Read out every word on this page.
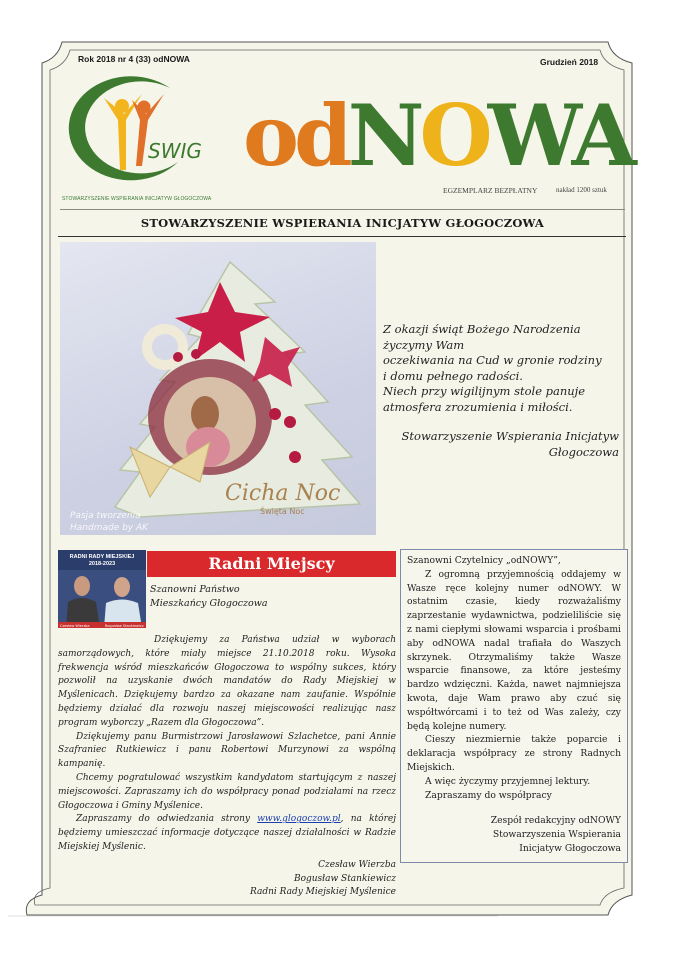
Rok 2018 nr 4 (33) odNOWA	Grudzień 2018
SWIG
STOWARZYSZENIE WSPIERANIA INICJATYW GŁOGOCZOWA
odNOWA
EGZEMPLARZ BEZPŁATNY	nakład 1200 sztuk
STOWARZYSZENIE WSPIERANIA INICJATYW GŁOGOCZOWA
Cicha Noc
Święta Noc
Pasja tworzenia
Handmade by AK
Z okazji świąt Bożego Narodzenia
życzymy Wam
oczekiwania na Cud w gronie rodziny
i domu pełnego radości.
Niech przy wigilijnym stole panuje
atmosfera zrozumienia i miłości.
Stowarzyszenie Wspierania Inicjatyw
Głogoczowa
RADNI RADY MIEJSKIEJ
2018-2023
Czesław Wierzba	Bogusław Stankiewicz
Radni Miejscy
Szanowni Państwo
Mieszkańcy Głogoczowa

Dziękujemy za Państwa udział w wyborach samorządowych, które miały miejsce 21.10.2018 roku. Wysoka frekwencja wśród mieszkańców Głogoczowa to wspólny sukces, który pozwolił na uzyskanie dwóch mandatów do Rady Miejskiej w Myślenicach. Dziękujemy bardzo za okazane nam zaufanie. Wspólnie będziemy działać dla rozwoju naszej miejscowości realizując nasz program wyborczy „Razem dla Głogoczowa”.

Dziękujemy panu Burmistrzowi Jarosławowi Szlachetce, pani Annie Szafraniec Rutkiewicz i panu Robertowi Murzynowi za wspólną kampanię.

Chcemy pogratulować wszystkim kandydatom startującym z naszej miejscowości. Zapraszamy ich do współpracy ponad podziałami na rzecz Głogoczowa i Gminy Myślenice.

Zapraszamy do odwiedzania strony www.glogoczow.pl, na której będziemy umieszczać informacje dotyczące naszej działalności w Radzie Miejskiej Myślenic.

Czesław Wierzba
Bogusław Stankiewicz
Radni Rady Miejskiej Myślenice

Szanowni Czytelnicy „odNOWY”,

Z ogromną przyjemnością oddajemy w Wasze ręce kolejny numer odNOWY. W ostatnim czasie, kiedy rozważaliśmy zaprzestanie wydawnictwa, podzieliliście się z nami ciepłymi słowami wsparcia i prośbami aby odNOWA nadal trafiała do Waszych skrzynek. Otrzymaliśmy także Wasze wsparcie finansowe, za które jesteśmy bardzo wdzięczni. Każda, nawet najmniejsza kwota, daje Wam prawo aby czuć się współtwórcami i to też od Was zależy, czy będą kolejne numery.

Cieszy niezmiernie także poparcie i deklaracja współpracy ze strony Radnych Miejskich.

A więc życzymy przyjemnej lektury.

Zapraszamy do współpracy

Zespół redakcyjny odNOWY
Stowarzyszenia Wspierania
Inicjatyw Głogoczowa
